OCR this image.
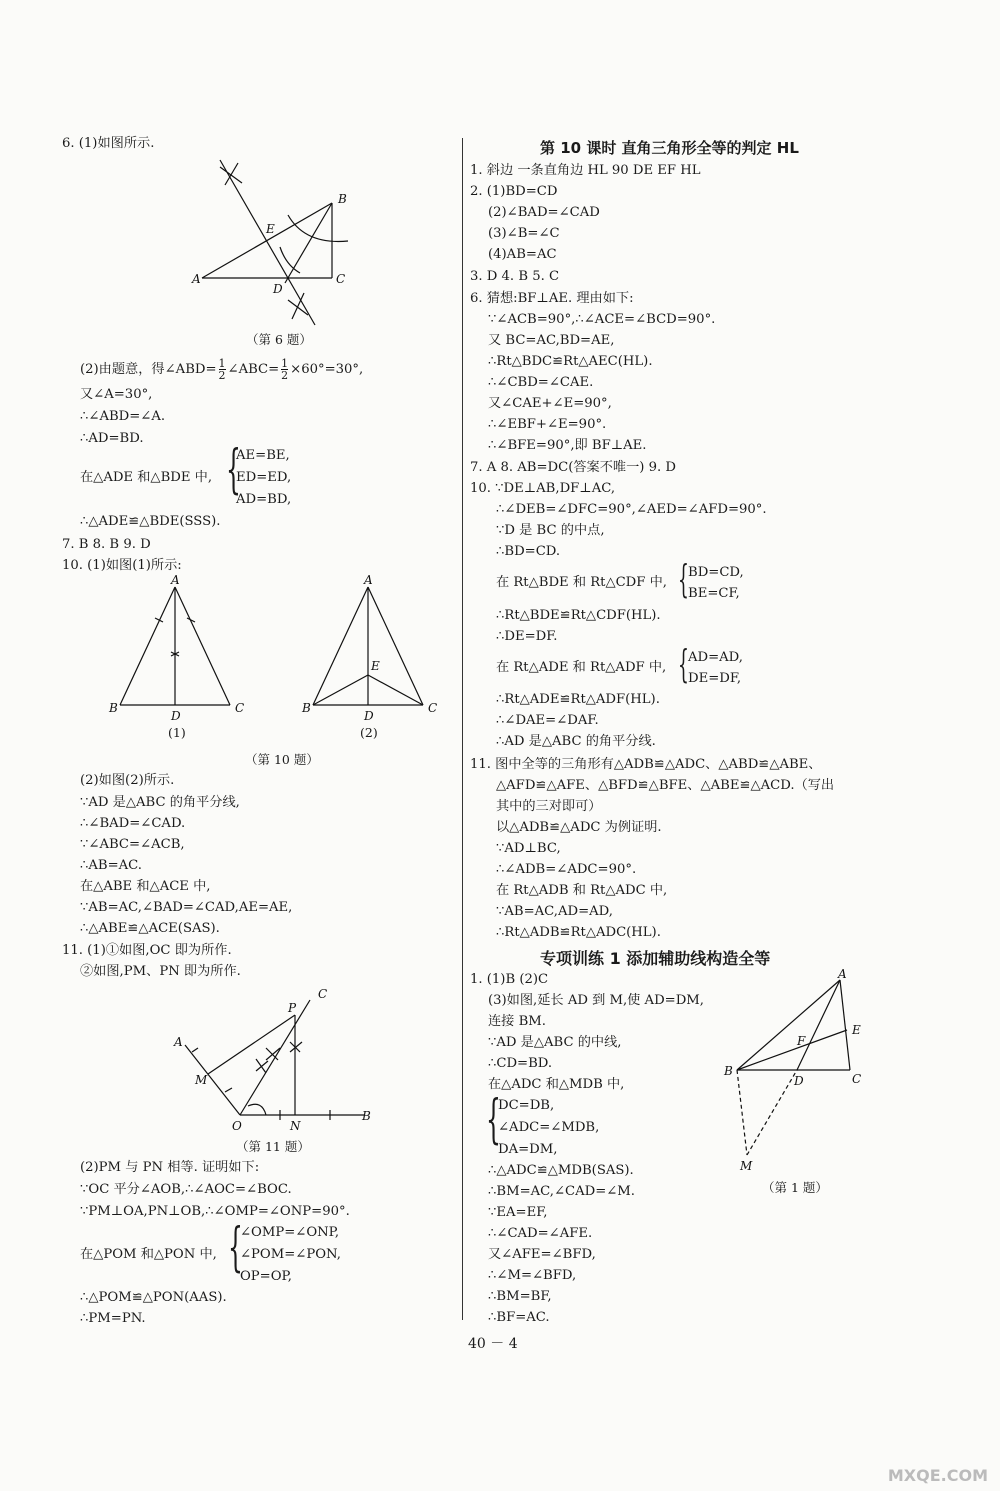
6. (1)如图所示.
A
B
C
D
E
（第 6 题）
(2)由题意，得∠ABD= $\frac{1}{2}$ ∠ABC= $\frac{1}{2} \times 60^\circ=30^\circ$,
又∠A=30°,
∴∠ABD=∠A.
∴AD=BD.
在△ADE 和△BDE 中, {
AE=BE,
ED=ED,
AD=BD,
∴△ADE≌△BDE(SSS).
7. B 8. B 9. D
10. (1)如图(1)所示:
A
B	C
D
(1)
A
B	C
D
E
(2)
（第 10 题）
(2)如图(2)所示.
∵AD 是△ABC 的角平分线,
∴∠BAD=∠CAD.
∵∠ABC=∠ACB,
∴AB=AC.
在△ABE 和△ACE 中,
∵AB=AC,∠BAD=∠CAD,AE=AE,
∴△ABE≌△ACE(SAS).
11. (1)①如图,OC 即为所作.
②如图,PM、PN 即为所作.
C
P
A
M
O	N
B
（第 11 题）
(2)PM 与 PN 相等. 证明如下:
∵OC 平分∠AOB,∴∠AOC=∠BOC.
∵PM⊥OA,PN⊥OB,∴∠OMP=∠ONP=90°.
在△POM 和△PON 中, {
∠OMP=∠ONP,
∠POM=∠PON,
OP=OP,
∴△POM≌△PON(AAS).
∴PM=PN.
第 10 课时 直角三角形全等的判定 HL
1. 斜边 一条直角边 HL 90 DE EF HL
2. (1)BD=CD
(2)∠BAD=∠CAD
(3)∠B=∠C
(4)AB=AC
3. D 4. B 5. C
6. 猜想:BF⊥AE. 理由如下:
∵∠ACB=90°,∴∠ACE=∠BCD=90°.
又 BC=AC,BD=AE,
∴Rt△BDC≌Rt△AEC(HL).
∴∠CBD=∠CAE.
又∠CAE+∠E=90°,
∴∠EBF+∠E=90°.
∴∠BFE=90°,即 BF⊥AE.
7. A 8. AB=DC(答案不唯一) 9. D
10. ∵DE⊥AB,DF⊥AC,
∴∠DEB=∠DFC=90°,∠AED=∠AFD=90°.
∵D 是 BC 的中点,
∴BD=CD.
在 Rt△BDE 和 Rt△CDF 中, { BD=CD,
BE=CF,
∴Rt△BDE≌Rt△CDF(HL).
∴DE=DF.
在 Rt△ADE 和 Rt△ADF 中, { AD=AD,
DE=DF,
∴Rt△ADE≌Rt△ADF(HL).
∴∠DAE=∠DAF.
∴AD 是△ABC 的角平分线.
11. 图中全等的三角形有△ADB≌△ADC、△ABD≌△ABE、
△AFD≌△AFE、△BFD≌△BFE、△ABE≌△ACD.（写出
其中的三对即可）
以△ADB≌△ADC 为例证明.
∵AD⊥BC,
∴∠ADB=∠ADC=90°.
在 Rt△ADB 和 Rt△ADC 中,
∵AB=AC,AD=AD,
∴Rt△ADB≌Rt△ADC(HL).
专项训练 1 添加辅助线构造全等
1. (1)B (2)C
(3)如图,延长 AD 到 M,使 AD=DM,
连接 BM.
∵AD 是△ABC 的中线,
∴CD=BD.
在△ADC 和△MDB 中,
{
DC=DB,
∠ADC=∠MDB,
DA=DM,
∴△ADC≌△MDB(SAS).
∴BM=AC,∠CAD=∠M.
∵EA=EF,
∴∠CAD=∠AFE.
又∠AFE=∠BFD,
∴∠M=∠BFD,
∴BM=BF,
∴BF=AC.
A
B
C
D
E
F
M
（第 1 题）
40 － 4
MXQE.COM
